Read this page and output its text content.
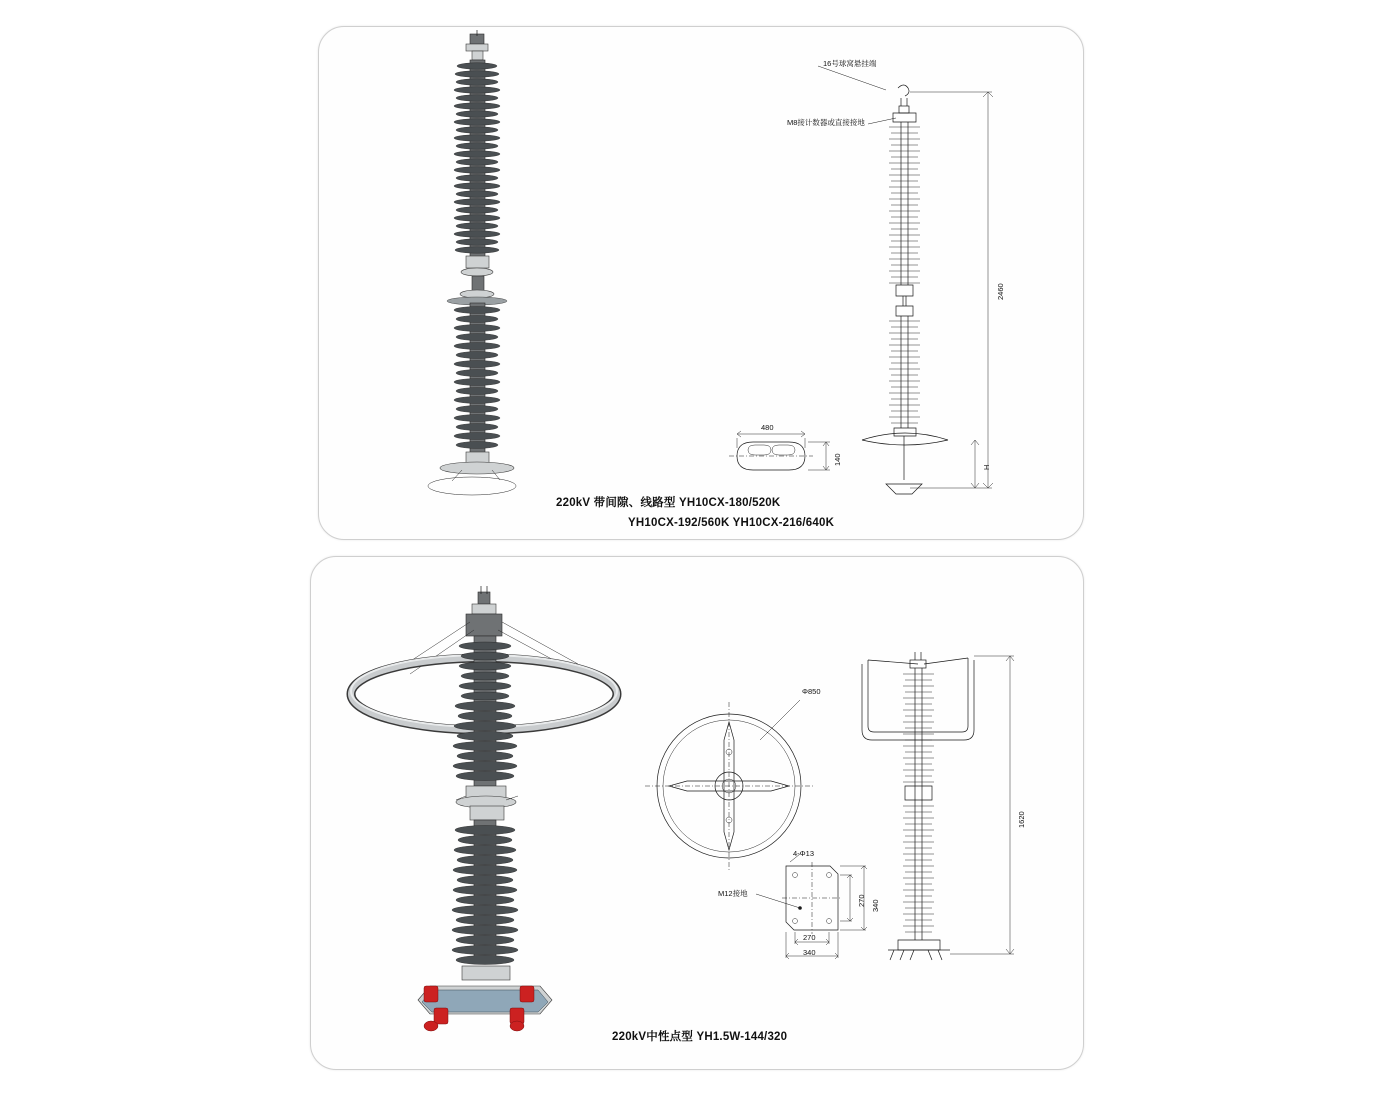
16号球窝悬挂端
M8接计数器或直接接地
2460
H
480
140
220kV 带间隙、线路型 YH10CX-180/520K
YH10CX-192/560K YH10CX-216/640K
Φ850
4-Φ13
M12接地
1620
270
340
270 340
220kV中性点型 YH1.5W-144/320
